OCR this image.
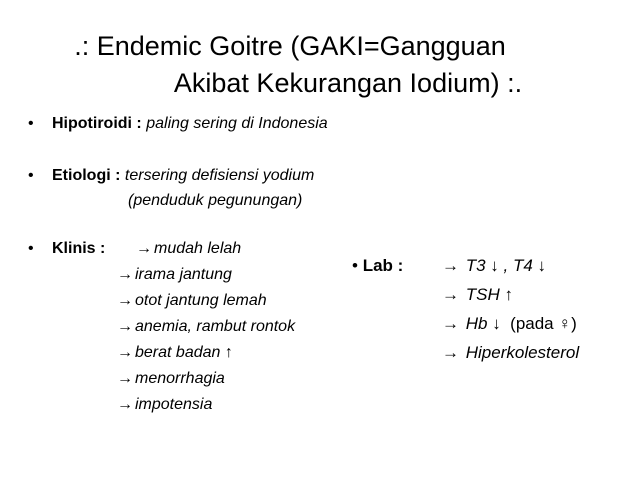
.: Endemic Goitre (GAKI=Gangguan
Akibat Kekurangan Iodium) :.
• Hipotiroidi : paling sering di Indonesia
• Etiologi : tersering defisiensi yodium
(penduduk pegunungan)
• Klinis : → mudah lelah
→ irama jantung
→ otot jantung lemah
→ anemia, rambut rontok
→ berat badan ↑
→ menorrhagia
→ impotensia
• Lab : → T3 ↓ , T4 ↓
→ TSH ↑
→ Hb ↓ (pada ♀)
→ Hiperkolesterol
